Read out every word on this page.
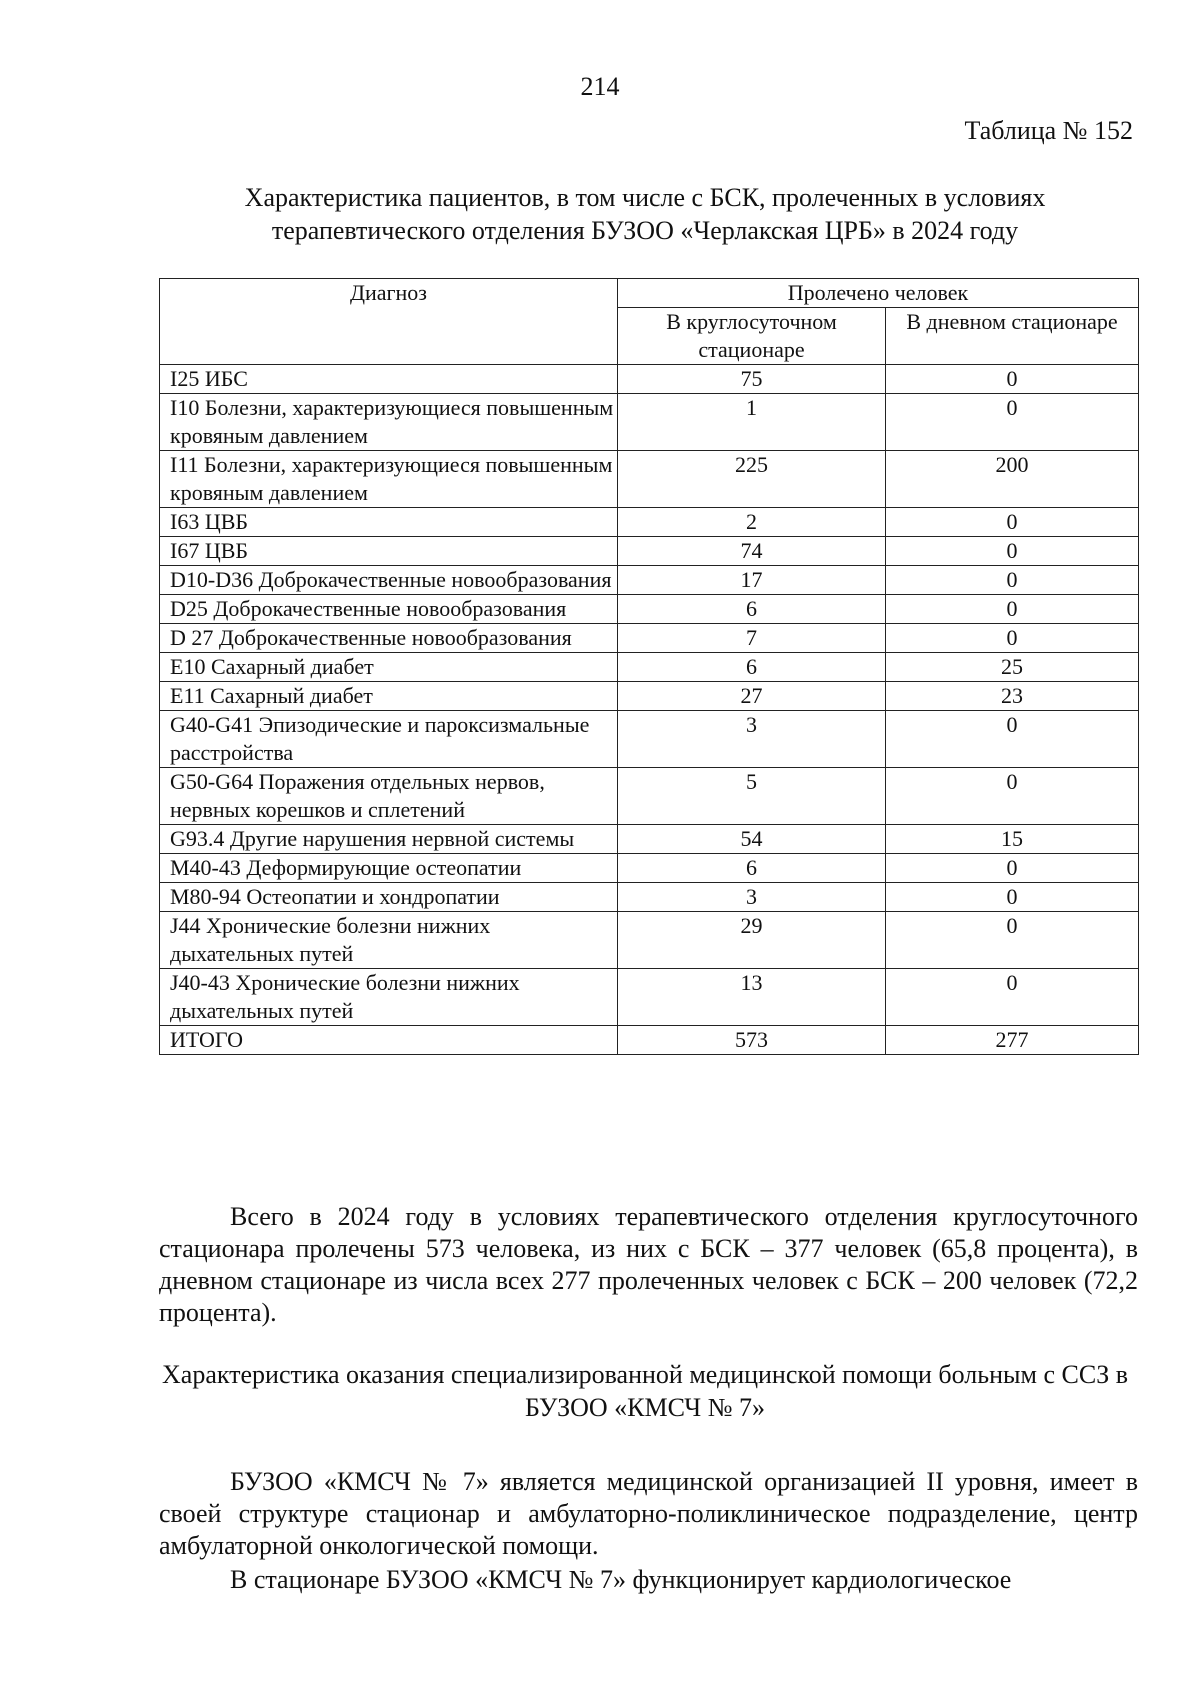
214
Таблица № 152
Характеристика пациентов, в том числе с БСК, пролеченных в условиях терапевтического отделения БУЗОО «Черлакская ЦРБ» в 2024 году
Диагноз	Пролечено человек	
	В круглосуточном стационаре	В дневном стационаре
I25 ИБС	75	0
I10 Болезни, характеризующиеся повышенным кровяным давлением	1	0
I11 Болезни, характеризующиеся повышенным кровяным давлением	225	200
I63 ЦВБ	2	0
I67 ЦВБ	74	0
D10-D36 Доброкачественные новообразования	17	0
D25 Доброкачественные новообразования	6	0
D 27 Доброкачественные новообразования	7	0
E10 Сахарный диабет	6	25
E11 Сахарный диабет	27	23
G40-G41 Эпизодические и пароксизмальные расстройства	3	0
G50-G64 Поражения отдельных нервов, нервных корешков и сплетений	5	0
G93.4 Другие нарушения нервной системы	54	15
M40-43 Деформирующие остеопатии	6	0
M80-94 Остеопатии и хондропатии	3	0
J44 Хронические болезни нижних дыхательных путей	29	0
J40-43 Хронические болезни нижних дыхательных путей	13	0
ИТОГО	573	277
Всего в 2024 году в условиях терапевтического отделения круглосуточного стационара пролечены 573 человека, из них с БСК – 377 человек (65,8 процента), в дневном стационаре из числа всех 277 пролеченных человек с БСК – 200 человек (72,2 процента).
Характеристика оказания специализированной медицинской помощи больным с ССЗ в БУЗОО «КМСЧ № 7»
БУЗОО «КМСЧ № 7» является медицинской организацией II уровня, имеет в своей структуре стационар и амбулаторно-поликлиническое подразделение, центр амбулаторной онкологической помощи.
В стационаре БУЗОО «КМСЧ № 7» функционирует кардиологическое
